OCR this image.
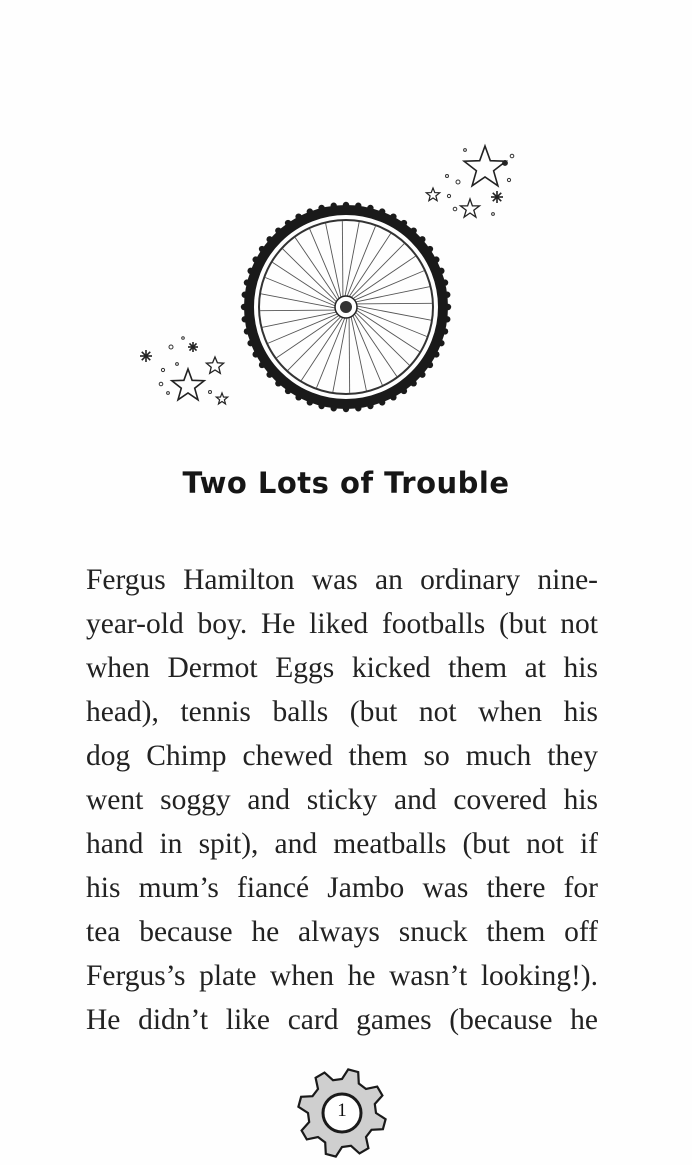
Two Lots of Trouble
Fergus Hamilton was an ordinary nine-
year-old boy. He liked footballs (but not
when Dermot Eggs kicked them at his
head), tennis balls (but not when his
dog Chimp chewed them so much they
went soggy and sticky and covered his
hand in spit), and meatballs (but not if
his mum’s fiancé Jambo was there for
tea because he always snuck them off
Fergus’s plate when he wasn’t looking!).
He didn’t like card games (because he
1
